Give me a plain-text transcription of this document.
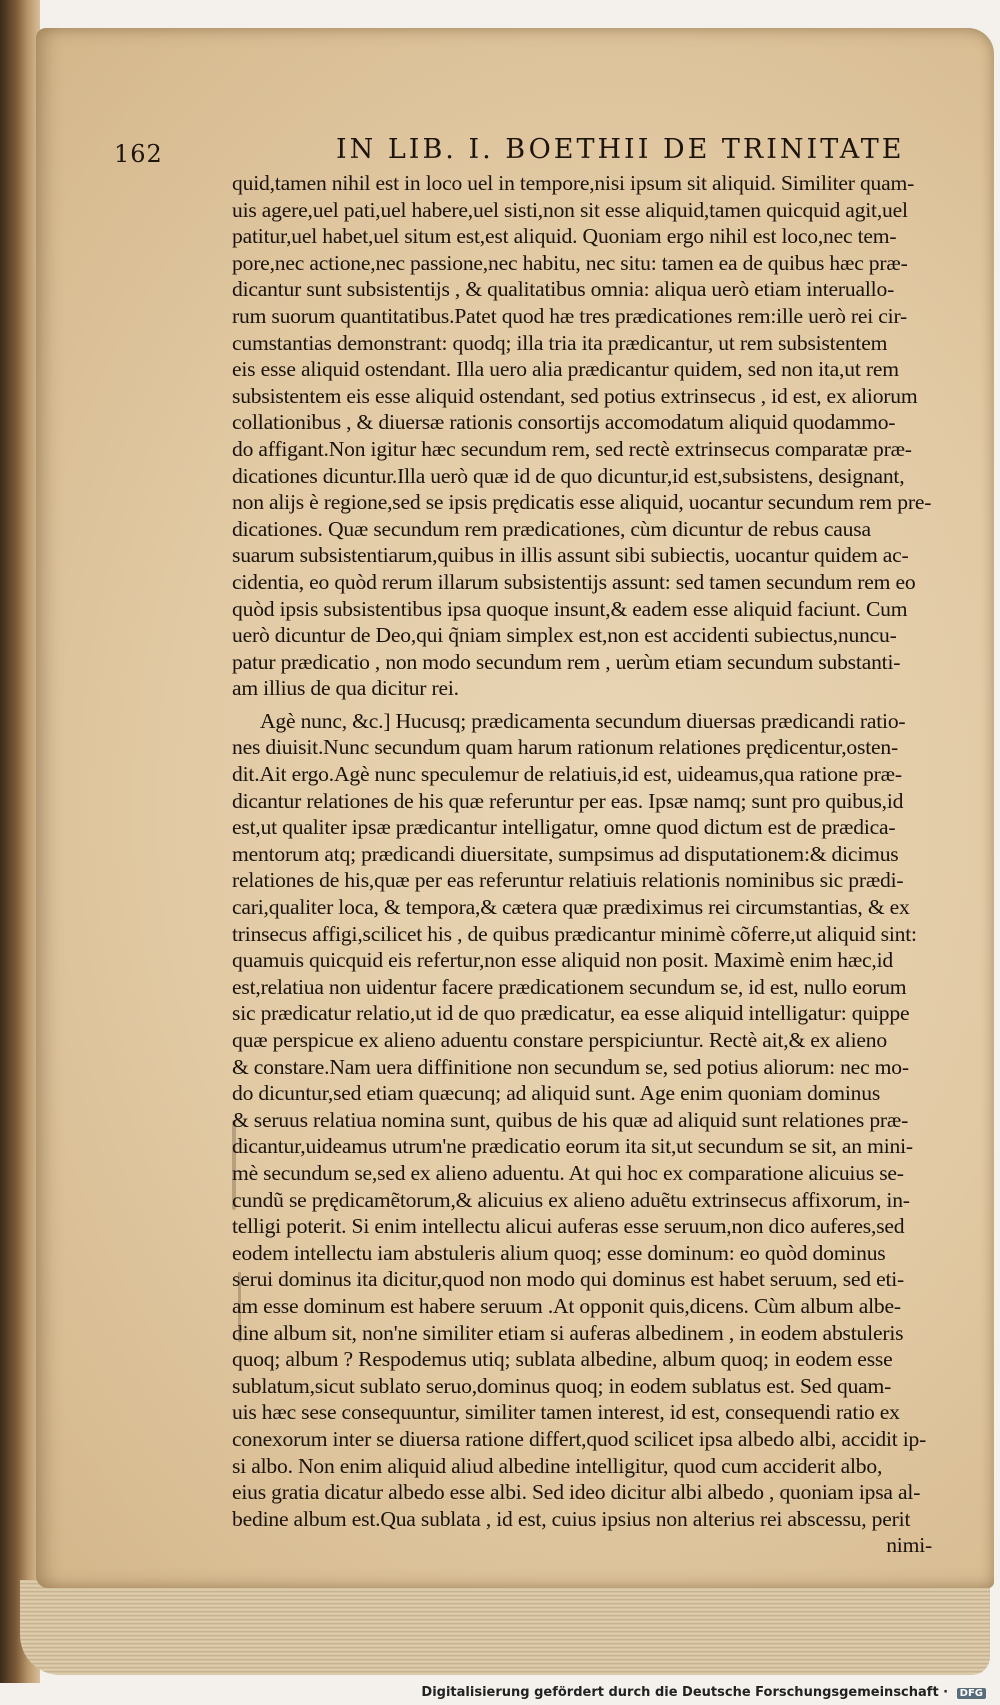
162	IN LIB. I. BOETHII DE TRINITATE
quid,tamen nihil est in loco uel in tempore,nisi ipsum sit aliquid. Similiter quam-
uis agere,uel pati,uel habere,uel sisti,non sit esse aliquid,tamen quicquid agit,uel
patitur,uel habet,uel situm est,est aliquid. Quoniam ergo nihil est loco,nec tem-
pore,nec actione,nec passione,nec habitu, nec situ: tamen ea de quibus hæc præ-
dicantur sunt subsistentijs , & qualitatibus omnia: aliqua uerò etiam interuallo-
rum suorum quantitatibus.Patet quod hæ tres prædicationes rem:ille uerò rei cir-
cumstantias demonstrant: quodq; illa tria ita prædicantur, ut rem subsistentem
eis esse aliquid ostendant. Illa uero alia prædicantur quidem, sed non ita,ut rem
subsistentem eis esse aliquid ostendant, sed potius extrinsecus , id est, ex aliorum
collationibus , & diuersæ rationis consortijs accomodatum aliquid quodammo-
do affigant.Non igitur hæc secundum rem, sed rectè extrinsecus comparatæ præ-
dicationes dicuntur.Illa uerò quæ id de quo dicuntur,id est,subsistens, designant,
non alijs è regione,sed se ipsis prędicatis esse aliquid, uocantur secundum rem pre-
dicationes. Quæ secundum rem prædicationes, cùm dicuntur de rebus causa
suarum subsistentiarum,quibus in illis assunt sibi subiectis, uocantur quidem ac-
cidentia, eo quòd rerum illarum subsistentijs assunt: sed tamen secundum rem eo
quòd ipsis subsistentibus ipsa quoque insunt,& eadem esse aliquid faciunt. Cum
uerò dicuntur de Deo,qui q̃niam simplex est,non est accidenti subiectus,nuncu-
patur prædicatio , non modo secundum rem , uerùm etiam secundum substanti-
am illius de qua dicitur rei.
Agè nunc, &c.] Hucusq; prædicamenta secundum diuersas prædicandi ratio-
nes diuisit.Nunc secundum quam harum rationum relationes prędicentur,osten-
dit.Ait ergo.Agè nunc speculemur de relatiuis,id est, uideamus,qua ratione præ-
dicantur relationes de his quæ referuntur per eas. Ipsæ namq; sunt pro quibus,id
est,ut qualiter ipsæ prædicantur intelligatur, omne quod dictum est de prædica-
mentorum atq; prædicandi diuersitate, sumpsimus ad disputationem:& dicimus
relationes de his,quæ per eas referuntur relatiuis relationis nominibus sic prædi-
cari,qualiter loca, & tempora,& cætera quæ prædiximus rei circumstantias, & ex
trinsecus affigi,scilicet his , de quibus prædicantur minimè cõferre,ut aliquid sint:
quamuis quicquid eis refertur,non esse aliquid non posit. Maximè enim hæc,id
est,relatiua non uidentur facere prædicationem secundum se, id est, nullo eorum
sic prædicatur relatio,ut id de quo prædicatur, ea esse aliquid intelligatur: quippe
quæ perspicue ex alieno aduentu constare perspiciuntur. Rectè ait,& ex alieno
& constare.Nam uera diffinitione non secundum se, sed potius aliorum: nec mo-
do dicuntur,sed etiam quæcunq; ad aliquid sunt. Age enim quoniam dominus
& seruus relatiua nomina sunt, quibus de his quæ ad aliquid sunt relationes præ-
dicantur,uideamus utrum'ne prædicatio eorum ita sit,ut secundum se sit, an mini-
mè secundum se,sed ex alieno aduentu. At qui hoc ex comparatione alicuius se-
cundũ se prędicamẽtorum,& alicuius ex alieno aduẽtu extrinsecus affixorum, in-
telligi poterit. Si enim intellectu alicui auferas esse seruum,non dico auferes,sed
eodem intellectu iam abstuleris alium quoq; esse dominum: eo quòd dominus
serui dominus ita dicitur,quod non modo qui dominus est habet seruum, sed eti-
am esse dominum est habere seruum .At opponit quis,dicens. Cùm album albe-
dine album sit, non'ne similiter etiam si auferas albedinem , in eodem abstuleris
quoq; album ? Respodemus utiq; sublata albedine, album quoq; in eodem esse
sublatum,sicut sublato seruo,dominus quoq; in eodem sublatus est. Sed quam-
uis hæc sese consequuntur, similiter tamen interest, id est, consequendi ratio ex
conexorum inter se diuersa ratione differt,quod scilicet ipsa albedo albi, accidit ip-
si albo. Non enim aliquid aliud albedine intelligitur, quod cum acciderit albo,
eius gratia dicatur albedo esse albi. Sed ideo dicitur albi albedo , quoniam ipsa al-
bedine album est.Qua sublata , id est, cuius ipsius non alterius rei abscessu, perit
nimi-
Digitalisierung gefördert durch die Deutsche Forschungsgemeinschaft · DFG
